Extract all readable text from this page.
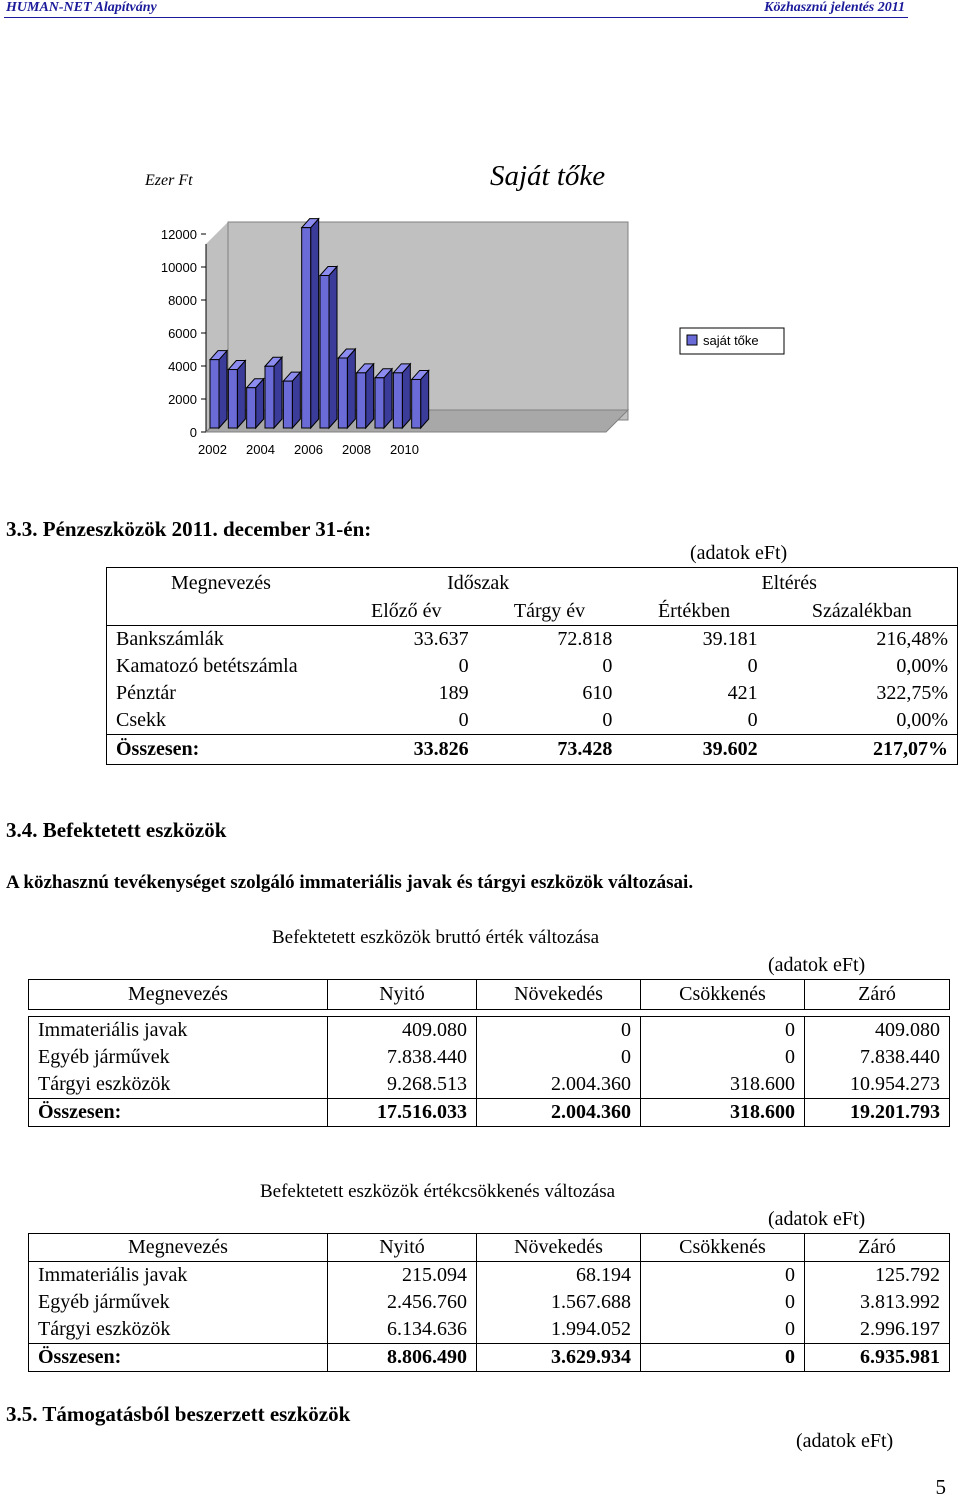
HUMAN-NET Alapítvány	Közhasznú jelentés 2011
Ezer Ft	Saját tőke
12000
10000
8000
6000
4000
2000
0
2002 2004 2006 2008 2010
saját tőke
3.3. Pénzeszközök 2011. december 31-én:
(adatok eFt)
Megnevezés	Időszak		Eltérés	
	Előző év	Tárgy év	Értékben	Százalékban
Bankszámlák	33.637	72.818	39.181	216,48%
Kamatozó betétszámla	0	0	0	0,00%
Pénztár	189	610	421	322,75%
Csekk	0	0	0	0,00%
Összesen:	33.826	73.428	39.602	217,07%
3.4. Befektetett eszközök
A közhasznú tevékenységet szolgáló immateriális javak és tárgyi eszközök változásai.
Befektetett eszközök bruttó érték változása
(adatok eFt)
Megnevezés	Nyitó	Növekedés	Csökkenés	Záró

Immateriális javak	409.080	0	0	409.080
Egyéb járművek	7.838.440	0	0	7.838.440
Tárgyi eszközök	9.268.513	2.004.360	318.600	10.954.273
Összesen:	17.516.033	2.004.360	318.600	19.201.793
Befektetett eszközök értékcsökkenés változása
(adatok eFt)
Megnevezés	Nyitó	Növekedés	Csökkenés	Záró
Immateriális javak	215.094	68.194	0	125.792
Egyéb járművek	2.456.760	1.567.688	0	3.813.992
Tárgyi eszközök	6.134.636	1.994.052	0	2.996.197
Összesen:	8.806.490	3.629.934	0	6.935.981
3.5. Támogatásból beszerzett eszközök
(adatok eFt)
5
